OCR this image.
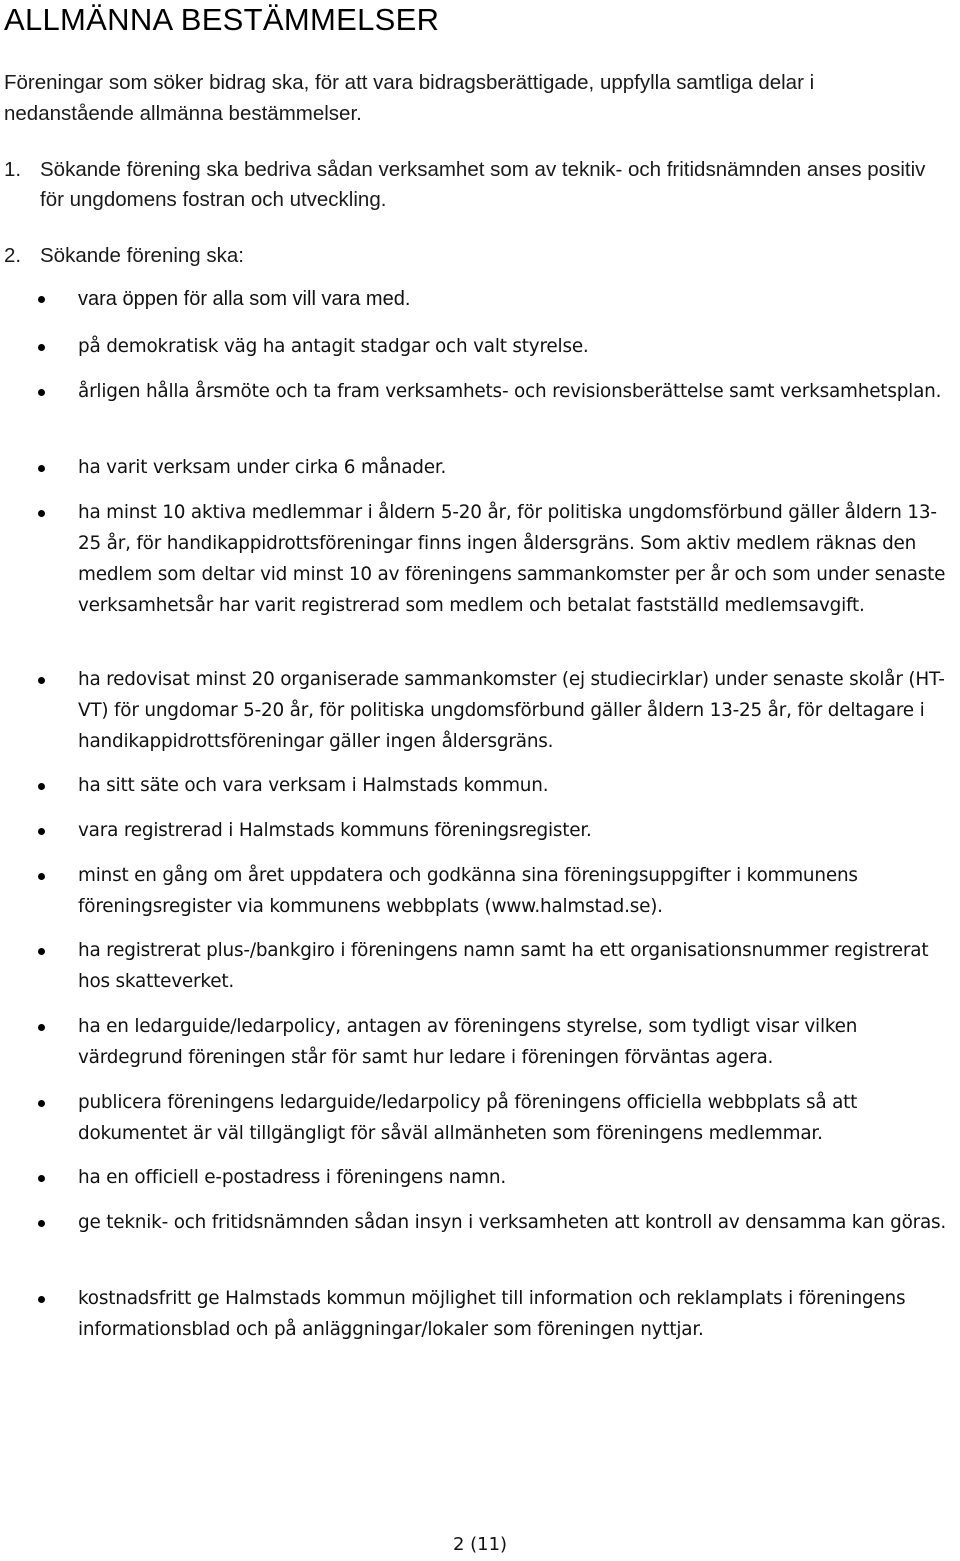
ALLMÄNNA BESTÄMMELSER

Föreningar som söker bidrag ska, för att vara bidragsberättigade, uppfylla samtliga delar i nedanstående allmänna bestämmelser.

1. Sökande förening ska bedriva sådan verksamhet som av teknik- och fritidsnämnden anses positiv för ungdomens fostran och utveckling.
2. Sökande förening ska:
vara öppen för alla som vill vara med.
på demokratisk väg ha antagit stadgar och valt styrelse.
årligen hålla årsmöte och ta fram verksamhets- och revisionsberättelse samt verksamhetsplan.
ha varit verksam under cirka 6 månader.
ha minst 10 aktiva medlemmar i åldern 5-20 år, för politiska ungdomsförbund gäller åldern 13-25 år, för handikappidrottsföreningar finns ingen åldersgräns. Som aktiv medlem räknas den medlem som deltar vid minst 10 av föreningens sammankomster per år och som under senaste verksamhetsår har varit registrerad som medlem och betalat fastställd medlemsavgift.
ha redovisat minst 20 organiserade sammankomster (ej studiecirklar) under senaste skolår (HT-VT) för ungdomar 5-20 år, för politiska ungdomsförbund gäller åldern 13-25 år, för deltagare i handikappidrottsföreningar gäller ingen åldersgräns.
ha sitt säte och vara verksam i Halmstads kommun.
vara registrerad i Halmstads kommuns föreningsregister.
minst en gång om året uppdatera och godkänna sina föreningsuppgifter i kommunens föreningsregister via kommunens webbplats (www.halmstad.se).
ha registrerat plus-/bankgiro i föreningens namn samt ha ett organisationsnummer registrerat hos skatteverket.
ha en ledarguide/ledarpolicy, antagen av föreningens styrelse, som tydligt visar vilken värdegrund föreningen står för samt hur ledare i föreningen förväntas agera.
publicera föreningens ledarguide/ledarpolicy på föreningens officiella webbplats så att dokumentet är väl tillgängligt för såväl allmänheten som föreningens medlemmar.
ha en officiell e-postadress i föreningens namn.
ge teknik- och fritidsnämnden sådan insyn i verksamheten att kontroll av densamma kan göras.
kostnadsfritt ge Halmstads kommun möjlighet till information och reklamplats i föreningens informationsblad och på anläggningar/lokaler som föreningen nyttjar.
2 (11)
